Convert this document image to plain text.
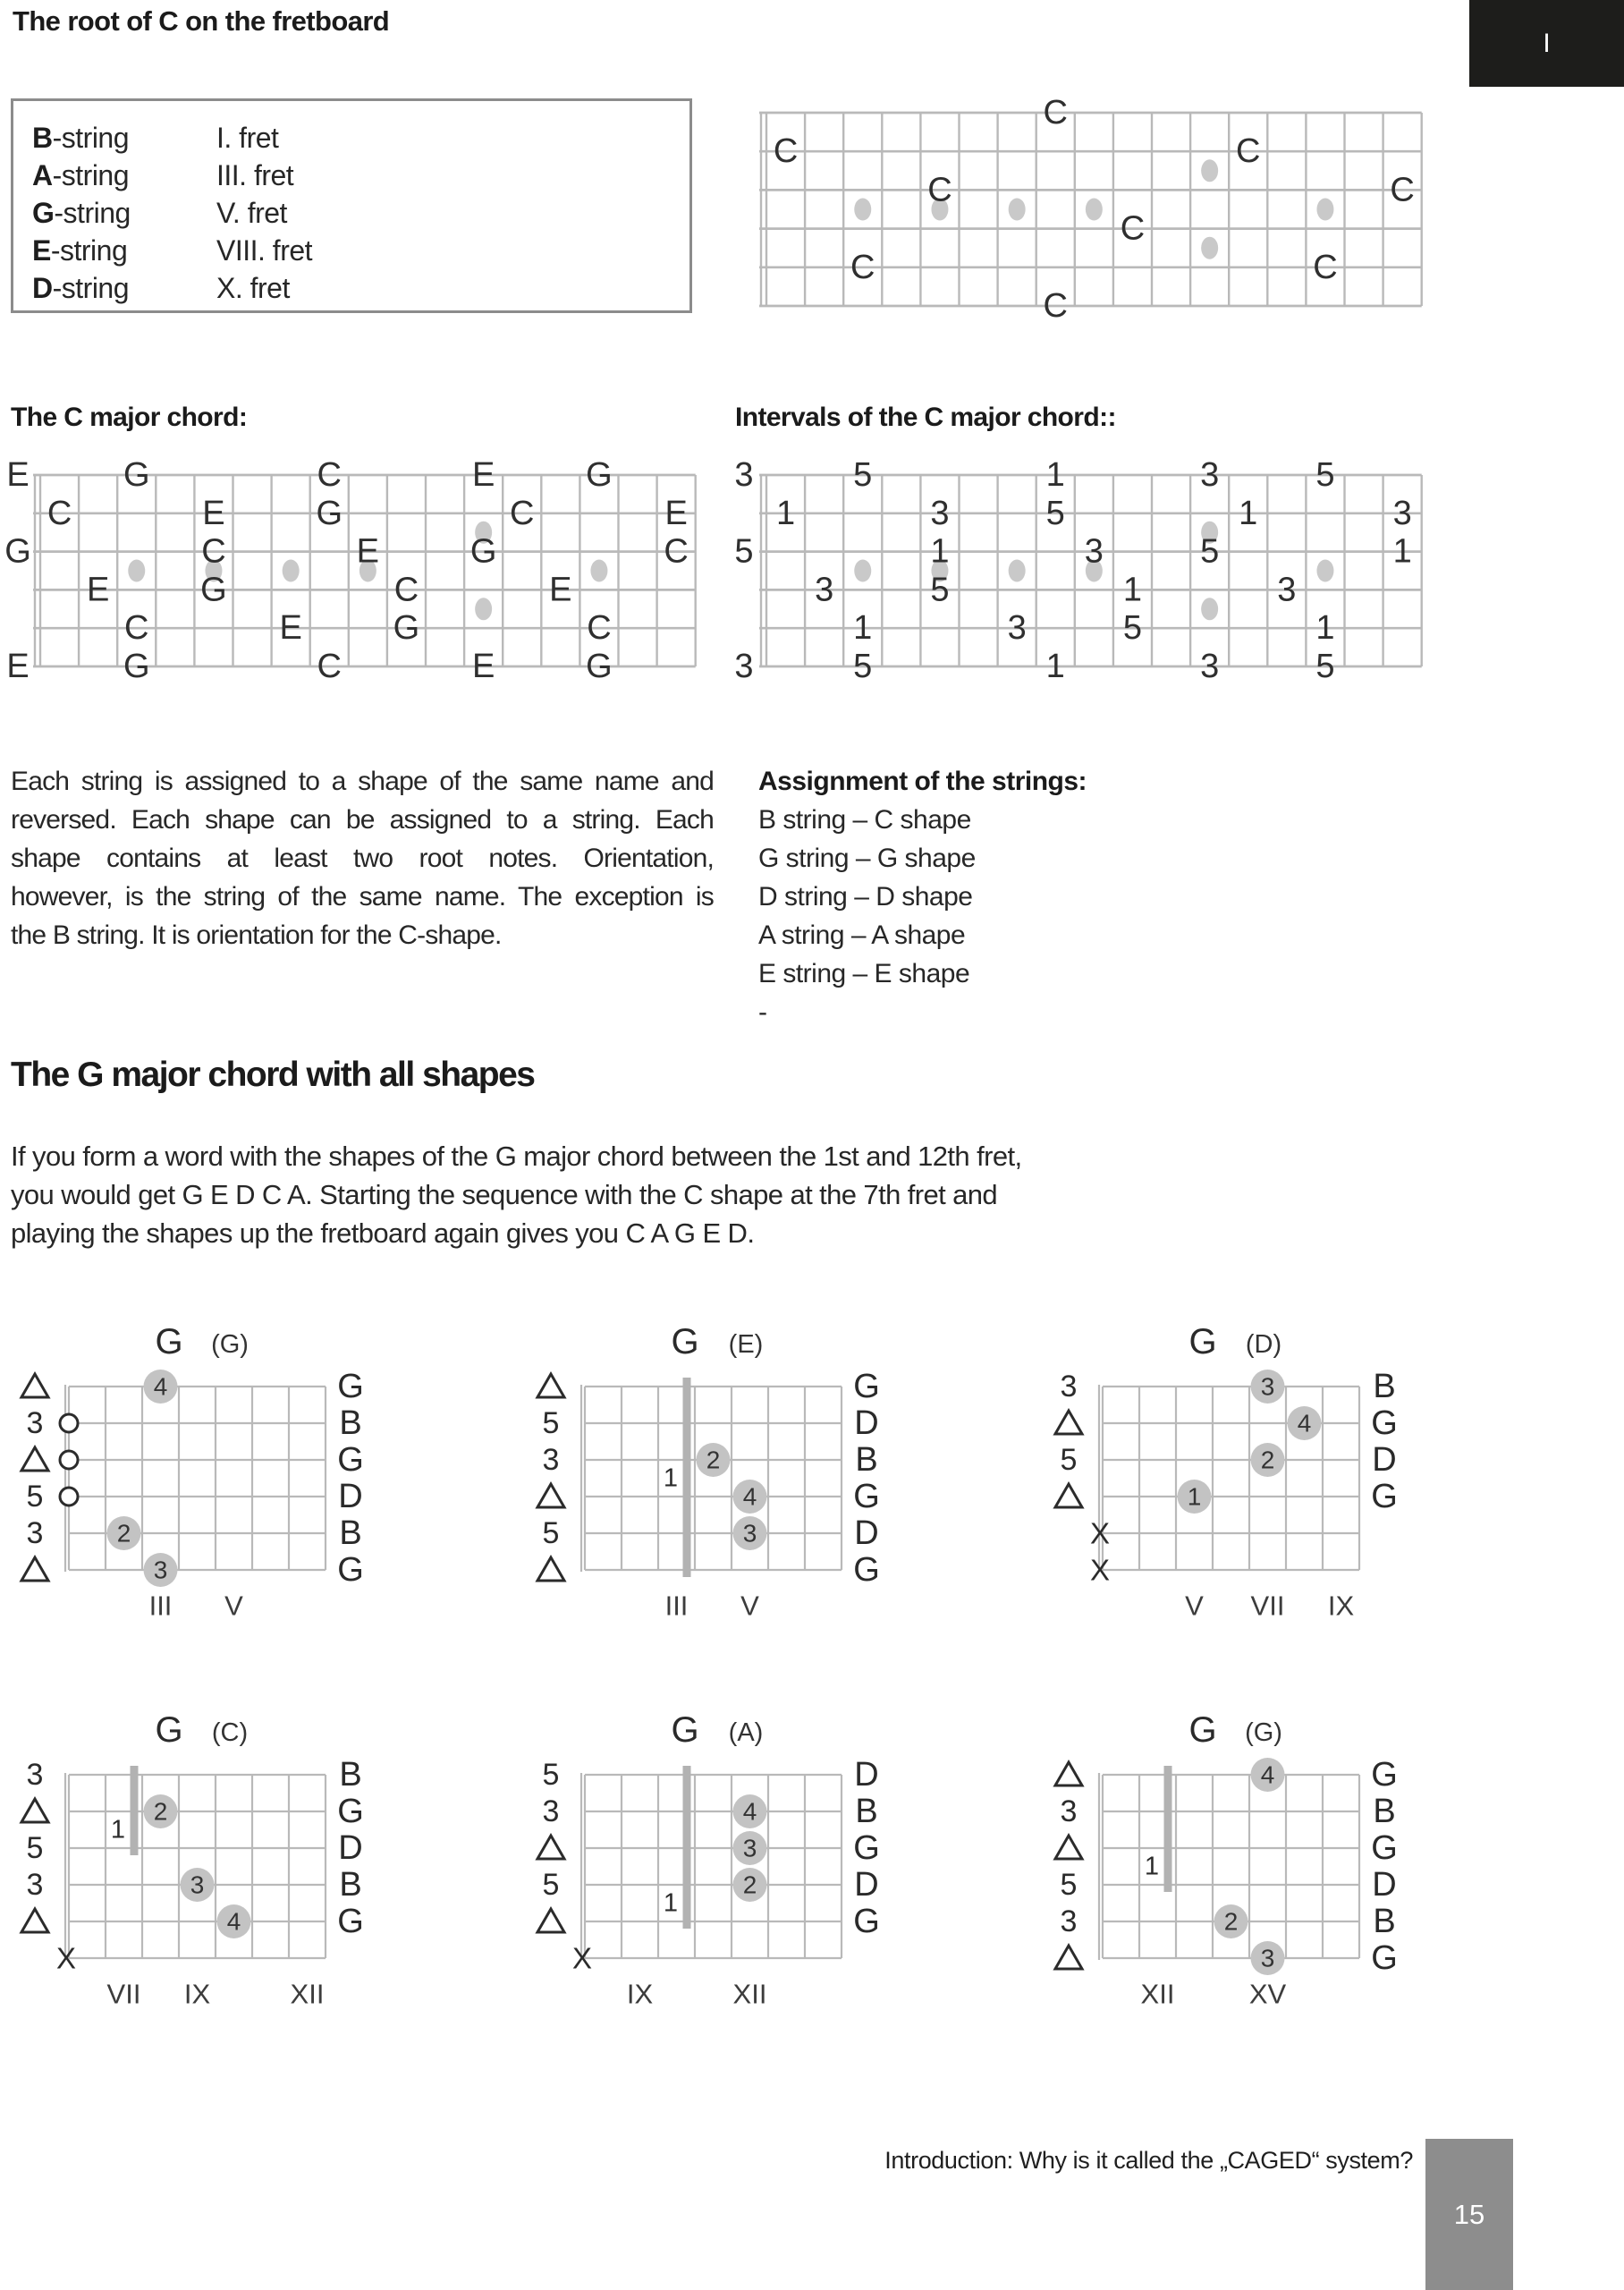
The root of C on the fretboard
I
B-string	I. fret
A-string	III. fret
G-string	V. fret
E-string	VIII. fret
D-string	X. fret
The C major chord:	Intervals of the C major chord::
Each string is assigned to a shape of the same name and
reversed. Each shape can be assigned to a string. Each
shape contains at least two root notes. Orientation,
however, is the string of the same name. The exception is
the B string. It is orientation for the C-shape.
Assignment of the strings:
B string – C shape
G string – G shape
D string – D shape
A string – A shape
E string – E shape
-
The G major chord with all shapes
If you form a word with the shapes of the G major chord between the 1st and 12th fret,
you would get G E D C A. Starting the sequence with the C shape at the 7th fret and
playing the shapes up the fretboard again gives you C A G E D.
Introduction: Why is it called the „CAGED“ system?
15
C
C	C
C	C
C
C	C
C
E	G	C	E	G
C	E	G	C	E
G	C	E	G	C
E	G	C	E
C	E	G	C
E	G	C	E	G
3	5	1	3	5
1	3	5	1	3
5	1	3	5	1
3	5	1	3
1	3	5	1
3	5	1	3	5
G (G)
4
2
3
3
5
3
G
B
G
D
B
G
III V
G (E)
1
2
4
3
5
3
5
G
D
B
G
D
G
III V
G (D)
3
4
2
1
3
5
X
X
B
G
D
G
V VII IX
G (C)
1
2
3
4
3
5
3
X
B
G
D
B
G
VII IX	XII
G (A)
1
4
3
2
5
3
5
X
D
B
G
D
G
IX	XII
G (G)
1
4
2
3
3
5
3
G
B
G
D
B
G
XII	XV
